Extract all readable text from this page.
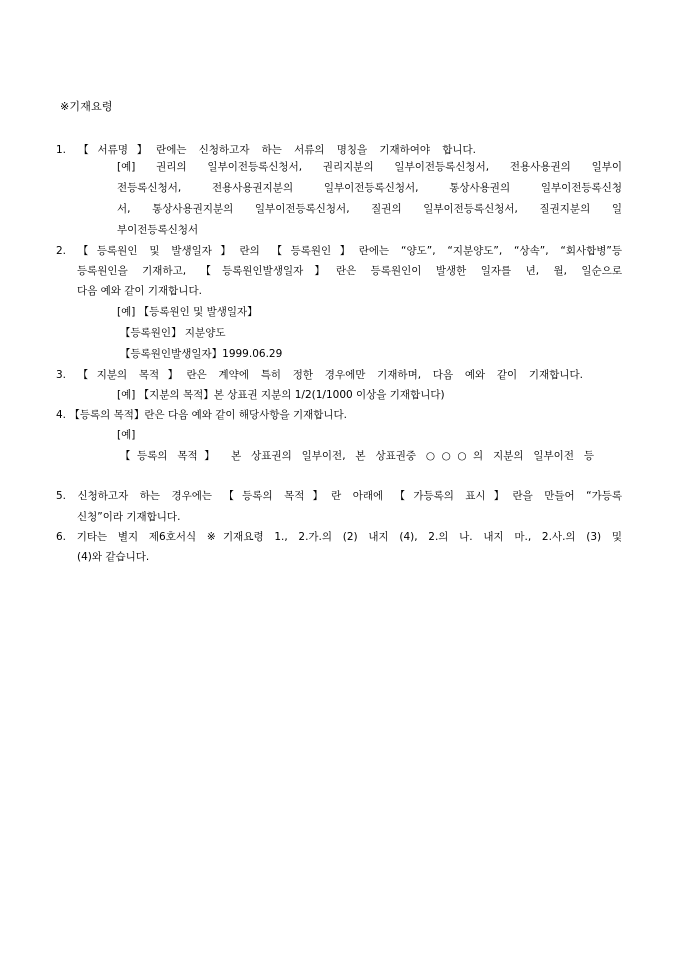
※기재요령
1. 【서류명】란에는 신청하고자 하는 서류의 명칭을 기재하여야 합니다.
[예] 권리의 일부이전등록신청서, 권리지분의 일부이전등록신청서, 전용사용권의 일부이
전등록신청서, 전용사용권지분의 일부이전등록신청서, 통상사용권의 일부이전등록신청
서, 통상사용권지분의 일부이전등록신청서, 질권의 일부이전등록신청서, 질권지분의 일
부이전등록신청서
2. 【등록원인 및 발생일자】란의 【등록원인】란에는 “양도”, “지분양도”, “상속”, “회사합병”등
등록원인을 기재하고, 【등록원인발생일자】란은 등록원인이 발생한 일자를 년, 월, 일순으로
다음 예와 같이 기재합니다.
[예] 【등록원인 및 발생일자】
【등록원인】 지분양도
【등록원인발생일자】1999.06.29
3. 【지분의 목적】란은 계약에 특히 정한 경우에만 기재하며, 다음 예와 같이 기재합니다.
[예] 【지분의 목적】본 상표권 지분의 1/2(1/1000 이상을 기재합니다)
4. 【등록의 목적】란은 다음 예와 같이 해당사항을 기재합니다.
[예]
【등록의 목적】 본 상표권의 일부이전, 본 상표권중 ○○○의 지분의 일부이전 등
5. 신청하고자 하는 경우에는 【등록의 목적】란 아래에 【가등록의 표시】란을 만들어 “가등록
신청”이라 기재합니다.
6. 기타는 별지 제6호서식 ※기재요령 1., 2.가.의 (2) 내지 (4), 2.의 나. 내지 마., 2.사.의 (3) 및
(4)와 같습니다.
